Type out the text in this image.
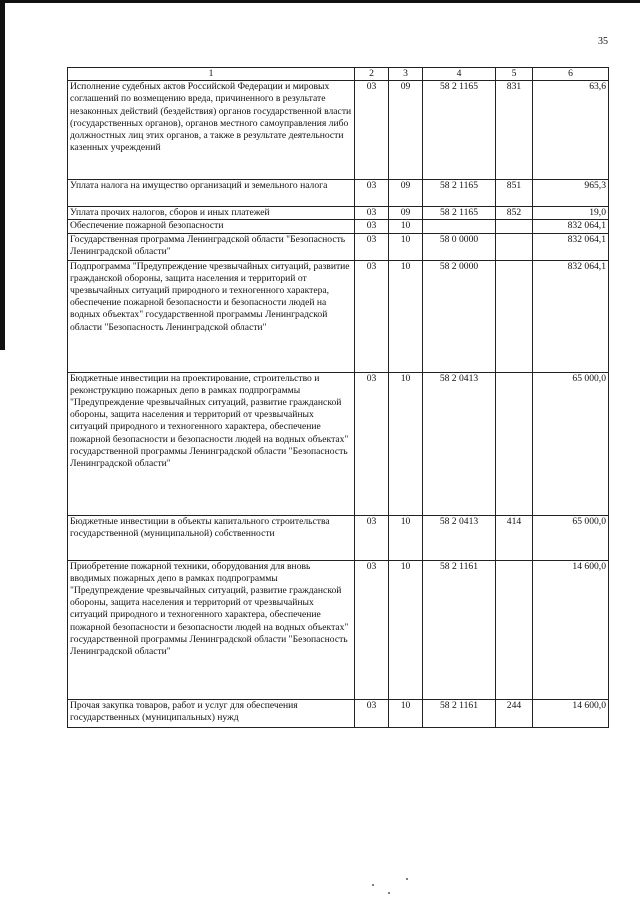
35
1	2	3	4	5	6
Исполнение судебных актов Российской Федерации и мировых соглашений по возмещению вреда, причиненного в результате незаконных действий (бездействия) органов государственной власти (государственных органов), органов местного самоуправления либо должностных лиц этих органов, а также в результате деятельности казенных учреждений	03	09	58 2 1165	831	63,6
Уплата налога на имущество организаций и земельного налога	03	09	58 2 1165	851	965,3
Уплата прочих налогов, сборов и иных платежей	03	09	58 2 1165	852	19,0
Обеспечение пожарной безопасности	03	10			832 064,1
Государственная программа Ленинградской области "Безопасность Ленинградской области"	03	10	58 0 0000		832 064,1
Подпрограмма "Предупреждение чрезвычайных ситуаций, развитие гражданской обороны, защита населения и территорий от чрезвычайных ситуаций природного и техногенного характера, обеспечение пожарной безопасности и безопасности людей на водных объектах" государственной программы Ленинградской области "Безопасность Ленинградской области"	03	10	58 2 0000		832 064,1
Бюджетные инвестиции на проектирование, строительство и реконструкцию пожарных депо в рамках подпрограммы "Предупреждение чрезвычайных ситуаций, развитие гражданской обороны, защита населения и территорий от чрезвычайных ситуаций природного и техногенного характера, обеспечение пожарной безопасности и безопасности людей на водных объектах" государственной программы Ленинградской области "Безопасность Ленинградской области"	03	10	58 2 0413		65 000,0
Бюджетные инвестиции в объекты капитального строительства государственной (муниципальной) собственности	03	10	58 2 0413	414	65 000,0
Приобретение пожарной техники, оборудования для вновь вводимых пожарных депо в рамках подпрограммы "Предупреждение чрезвычайных ситуаций, развитие гражданской обороны, защита населения и территорий от чрезвычайных ситуаций природного и техногенного характера, обеспечение пожарной безопасности и безопасности людей на водных объектах" государственной программы Ленинградской области "Безопасность Ленинградской области"	03	10	58 2 1161		14 600,0
Прочая закупка товаров, работ и услуг для обеспечения государственных (муниципальных) нужд	03	10	58 2 1161	244	14 600,0
